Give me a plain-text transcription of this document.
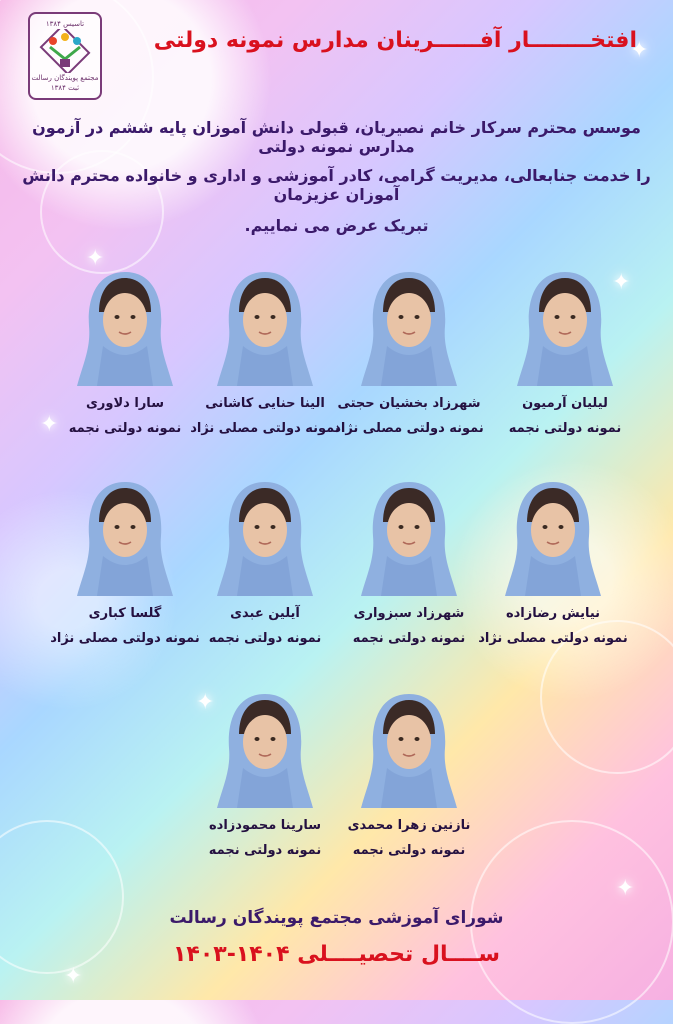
✦
✦
✦
✦
✦
✦
✦
تاسیس ۱۳۸۴
مجتمع پویندگان رسالت
ثبت ۱۳۸۴
افتخــــــــار آفــــــرینان مدارس نمونه دولتی

موسس محترم سرکار خانم نصیریان، قبولی دانش آموزان پایه ششم در آزمون مدارس نمونه دولتی

را خدمت جنابعالی، مدیریت گرامی، کادر آموزشی و اداری و خانواده محترم دانش آموزان عزیزمان

تبریک عرض می نماییم.

لیلیان آرمیون
نمونه دولتی نجمه
شهرزاد بخشیان حجتی
نمونه دولتی مصلی نژاد
الینا حنایی کاشانی
نمونه دولتی مصلی نژاد
سارا دلاوری
نمونه دولتی نجمه
نیایش رضازاده
نمونه دولتی مصلی نژاد
شهرزاد سبزواری
نمونه دولتی نجمه
آیلین عبدی
نمونه دولتی نجمه
گلسا کباری
نمونه دولتی مصلی نژاد
نازنین زهرا محمدی
نمونه دولتی نجمه
سارینا محمودزاده
نمونه دولتی نجمه
شورای آموزشی مجتمع پویندگان رسالت
ســــال تحصیــــلی ۱۴۰۴-۱۴۰۳
